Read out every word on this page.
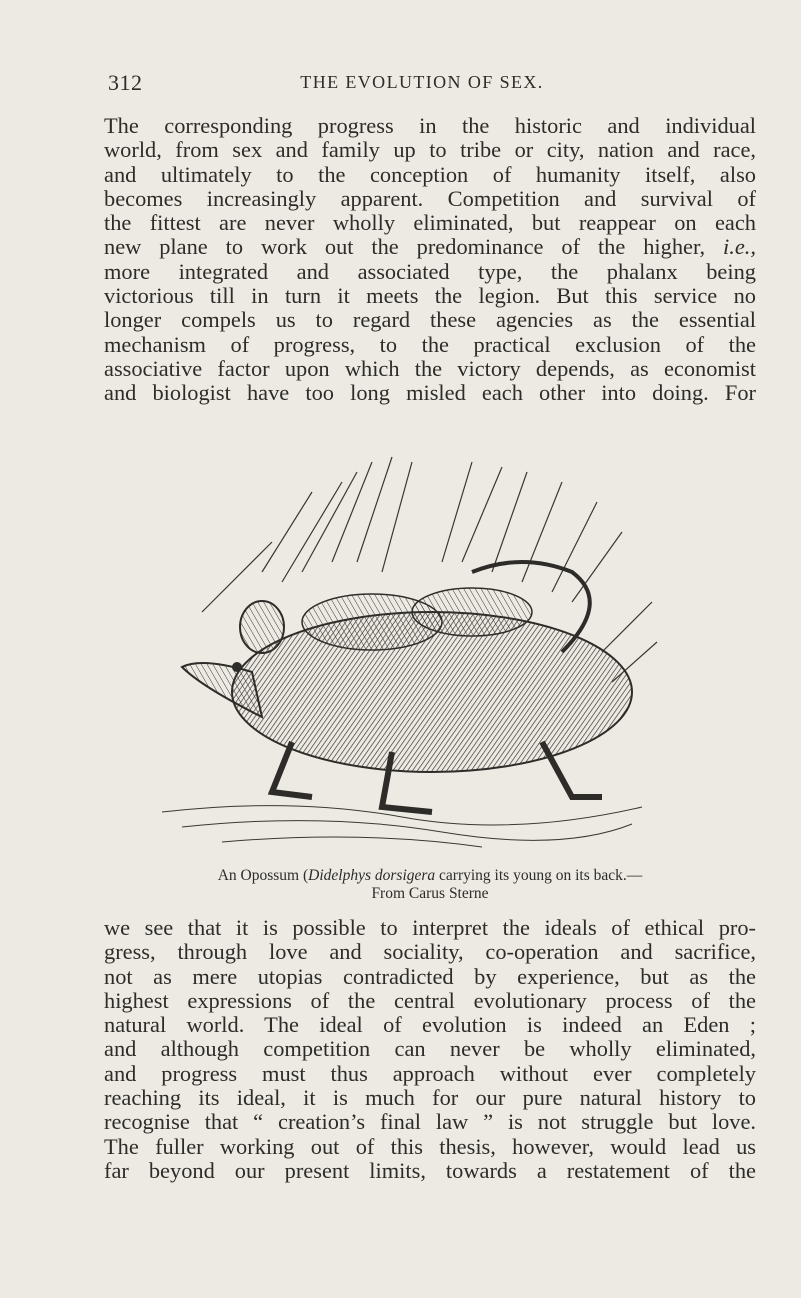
312	THE EVOLUTION OF SEX.
The corresponding progress in the historic and individual
world, from sex and family up to tribe or city, nation and race,
and ultimately to the conception of humanity itself, also
becomes increasingly apparent. Competition and survival of
the fittest are never wholly eliminated, but reappear on each
new plane to work out the predominance of the higher, i.e.,
more integrated and associated type, the phalanx being
victorious till in turn it meets the legion. But this service no
longer compels us to regard these agencies as the essential
mechanism of progress, to the practical exclusion of the
associative factor upon which the victory depends, as economist
and biologist have too long misled each other into doing. For
An Opossum (Didelphys dorsigera carrying its young on its back.—
From Carus Sterne
we see that it is possible to interpret the ideals of ethical pro-
gress, through love and sociality, co-operation and sacrifice,
not as mere utopias contradicted by experience, but as the
highest expressions of the central evolutionary process of the
natural world. The ideal of evolution is indeed an Eden ;
and although competition can never be wholly eliminated,
and progress must thus approach without ever completely
reaching its ideal, it is much for our pure natural history to
recognise that “ creation’s final law ” is not struggle but love.
The fuller working out of this thesis, however, would lead us
far beyond our present limits, towards a restatement of the
